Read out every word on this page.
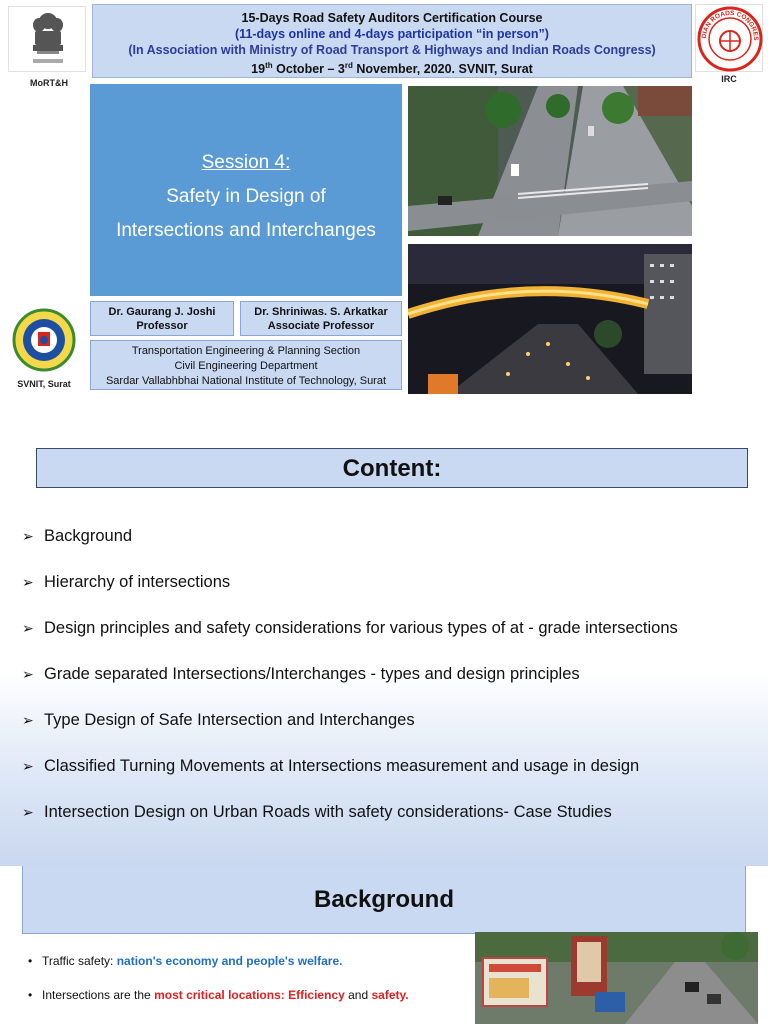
MoRT&H
15-Days Road Safety Auditors Certification Course
(11-days online and 4-days participation “in person”)
(In Association with Ministry of Road Transport & Highways and Indian Roads Congress)
19th October – 3rd November, 2020. SVNIT, Surat
DIAN ROADS CONGRES
IRC
Session 4:
Safety in Design of
Intersections and Interchanges
SVNIT, Surat
Dr. Gaurang J. Joshi
Professor
Dr. Shriniwas. S. Arkatkar
Associate Professor
Transportation Engineering & Planning Section
Civil Engineering Department
Sardar Vallabhbhai National Institute of Technology, Surat
Content:
➢ Background
➢ Hierarchy of intersections
➢ Design principles and safety considerations for various types of at - grade intersections
➢ Grade separated Intersections/Interchanges - types and design principles
➢ Type Design of Safe Intersection and Interchanges
➢ Classified Turning Movements at Intersections measurement and usage in design
➢ Intersection Design on Urban Roads with safety considerations- Case Studies
Background
• Traffic safety: nation's economy and people's welfare.
• Intersections are the most critical locations: Efficiency and safety.
